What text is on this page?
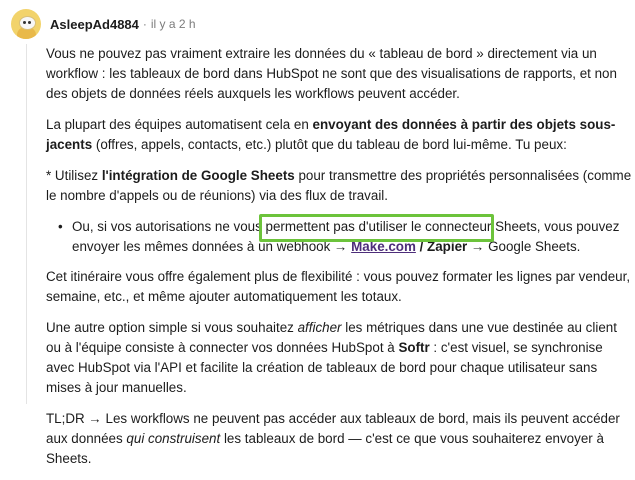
AsleepAd4884 · il y a 2 h

Vous ne pouvez pas vraiment extraire les données du « tableau de bord » directement via un workflow : les tableaux de bord dans HubSpot ne sont que des visualisations de rapports, et non des objets de données réels auxquels les workflows peuvent accéder.

La plupart des équipes automatisent cela en envoyant des données à partir des objets sous-jacents (offres, appels, contacts, etc.) plutôt que du tableau de bord lui-même. Tu peux:

* Utilisez l'intégration de Google Sheets pour transmettre des propriétés personnalisées (comme le nombre d'appels ou de réunions) via des flux de travail.

• Ou, si vos autorisations ne vous permettent pas d'utiliser le connecteur Sheets, vous pouvez envoyer les mêmes données à un webhook → Make.com / Zapier → Google Sheets.

Cet itinéraire vous offre également plus de flexibilité : vous pouvez formater les lignes par vendeur, semaine, etc., et même ajouter automatiquement les totaux.

Une autre option simple si vous souhaitez afficher les métriques dans une vue destinée au client ou à l'équipe consiste à connecter vos données HubSpot à Softr : c'est visuel, se synchronise avec HubSpot via l'API et facilite la création de tableaux de bord pour chaque utilisateur sans mises à jour manuelles.

TL;DR → Les workflows ne peuvent pas accéder aux tableaux de bord, mais ils peuvent accéder aux données qui construisent les tableaux de bord — c'est ce que vous souhaiterez envoyer à Sheets.
